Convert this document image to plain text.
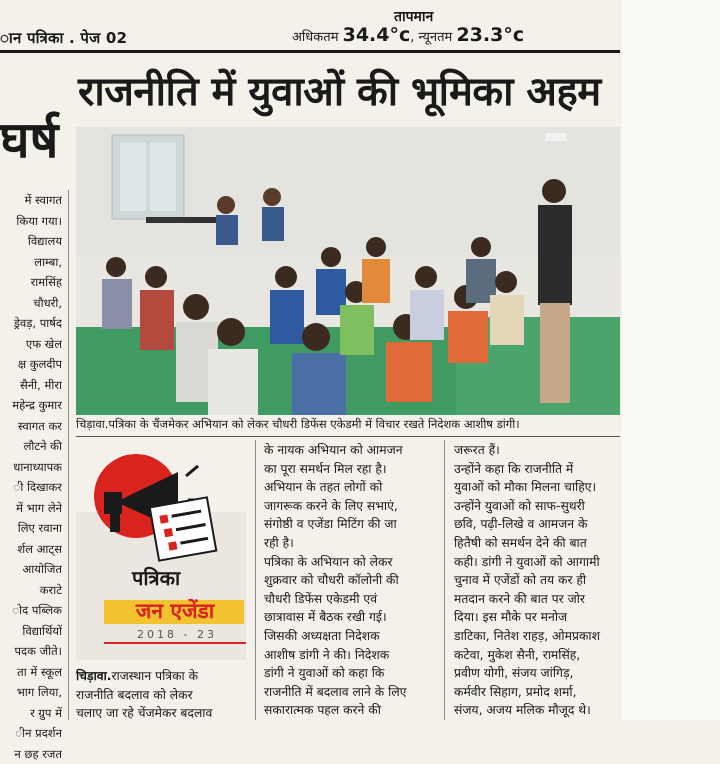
ान पत्रिका . पेज 02
तापमान
अधिकतम 34.4°c, न्यूनतम 23.3°c
राजनीति में युवाओं की भूमिका अहम
घर्ष
में स्वागत
किया गया।
विद्यालय
लाम्बा,
रामसिंह
चौधरी,
ड्रेवड़, पार्षद
एफ खेल
क्ष कुलदीप
सैनी, मीरा
महेन्द्र कुमार
स्वागत कर
लौटने की
धानाध्यापक
ी दिखाकर
में भाग लेने
लिए रवाना
र्शल आट्स
आयोजित
कराटे
ोद पब्लिक
विद्यार्थियों
पदक जीते।
ता में स्कूल
भाग लिया,
र ग्रुप में
ीन प्रदर्शन
न छह रजत
चिड़ावा.पत्रिका के चैंजमेकर अभियान को लेकर चौधरी डिफेंस एकेडमी में विचार रखते निदेशक आशीष डांगी।
पत्रिका
जन एजेंडा
2018 - 23
चिड़ावा.राजस्थान पत्रिका के
राजनीति बदलाव को लेकर
चलाए जा रहे चेंजमेकर बदलाव
के नायक अभियान को आमजन
का पूरा समर्थन मिल रहा है।
अभियान के तहत लोगों को
जागरूक करने के लिए सभाएं,
संगोष्ठी व एजेंडा मिटिंग की जा
रही है।
पत्रिका के अभियान को लेकर
शुक्रवार को चौधरी कॉलोनी की
चौधरी डिफेंस एकेडमी एवं
छात्रावास में बैठक रखी गई।
जिसकी अध्यक्षता निदेशक
आशीष डांगी ने की। निदेशक
डांगी ने युवाओं को कहा कि
राजनीति में बदलाव लाने के लिए
सकारात्मक पहल करने की
जरूरत हैं।
उन्होंने कहा कि राजनीति में
युवाओं को मौका मिलना चाहिए।
उन्होंने युवाओं को साफ-सुथरी
छवि, पढ़ी-लिखे व आमजन के
हितैषी को समर्थन देने की बात
कही। डांगी ने युवाओं को आगामी
चुनाव में एजेंडों को तय कर ही
मतदान करने की बात पर जोर
दिया। इस मौके पर मनोज
डाटिका, नितेश राहड़, ओमप्रकाश
कटेवा, मुकेश सैनी, रामसिंह,
प्रवीण योगी, संजय जांगिड़,
कर्मवीर सिहाग, प्रमोद शर्मा,
संजय, अजय मलिक मौजूद थे।
